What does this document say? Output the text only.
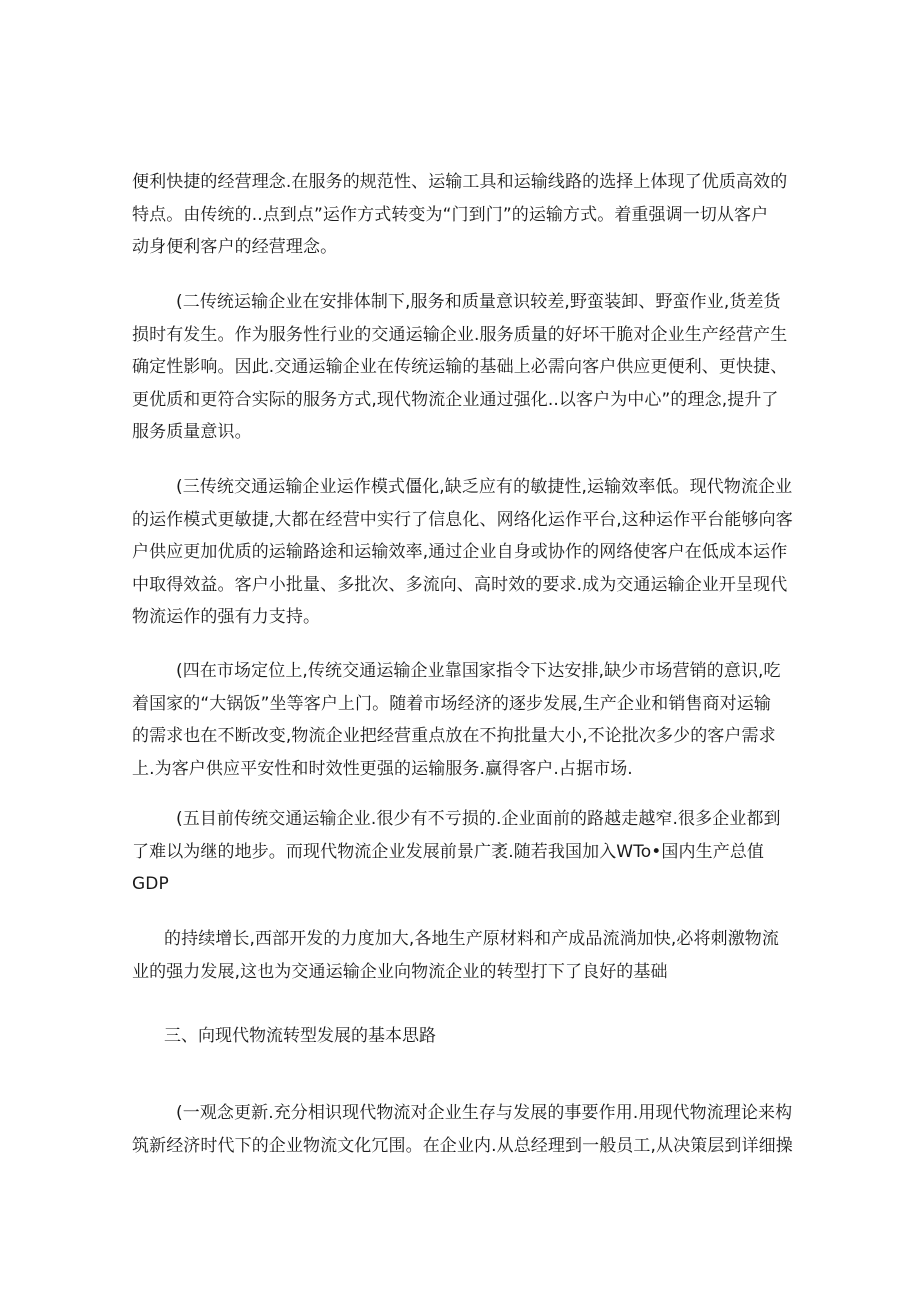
便利快捷的经营理念.在服务的规范性、运输工具和运输线路的选择上体现了优质高效的
特点。由传统的..点到点”运作方式转变为“门到门”的运输方式。着重强调一切从客户
动身便利客户的经营理念。

(二传统运输企业在安排体制下,服务和质量意识较差,野蛮装卸、野蛮作业,货差货
损时有发生。作为服务性行业的交通运输企业.服务质量的好坏干脆对企业生产经营产生
确定性影响。因此.交通运输企业在传统运输的基础上必需向客户供应更便利、更快捷、
更优质和更符合实际的服务方式,现代物流企业通过强化..以客户为中心”的理念,提升了
服务质量意识。

(三传统交通运输企业运作模式僵化,缺乏应有的敏捷性,运输效率低。现代物流企业
的运作模式更敏捷,大都在经营中实行了信息化、网络化运作平台,这种运作平台能够向客
户供应更加优质的运输路途和运输效率,通过企业自身或协作的网络使客户在低成本运作
中取得效益。客户小批量、多批次、多流向、高时效的要求.成为交通运输企业开呈现代
物流运作的强有力支持。

(四在市场定位上,传统交通运输企业靠国家指令下达安排,缺少市场营销的意识,吃
着国家的“大锅饭”坐等客户上门。随着市场经济的逐步发展,生产企业和销售商对运输
的需求也在不断改变,物流企业把经营重点放在不拘批量大小,不论批次多少的客户需求
上.为客户供应平安性和时效性更强的运输服务.赢得客户.占据市场.

(五目前传统交通运输企业.很少有不亏损的.企业面前的路越走越窄.很多企业都到
了难以为继的地步。而现代物流企业发展前景广袤.随若我国加入WTo•国内生产总值
GDP

的持续增长,西部开发的力度加大,各地生产原材料和产成品流淌加快,必将刺激物流
业的强力发展,这也为交通运输企业向物流企业的转型打下了良好的基础

三、向现代物流转型发展的基本思路

(一观念更新.充分相识现代物流对企业生存与发展的事要作用.用现代物流理论来构
筑新经济时代下的企业物流文化冗围。在企业内.从总经理到一般员工,从决策层到详细操
